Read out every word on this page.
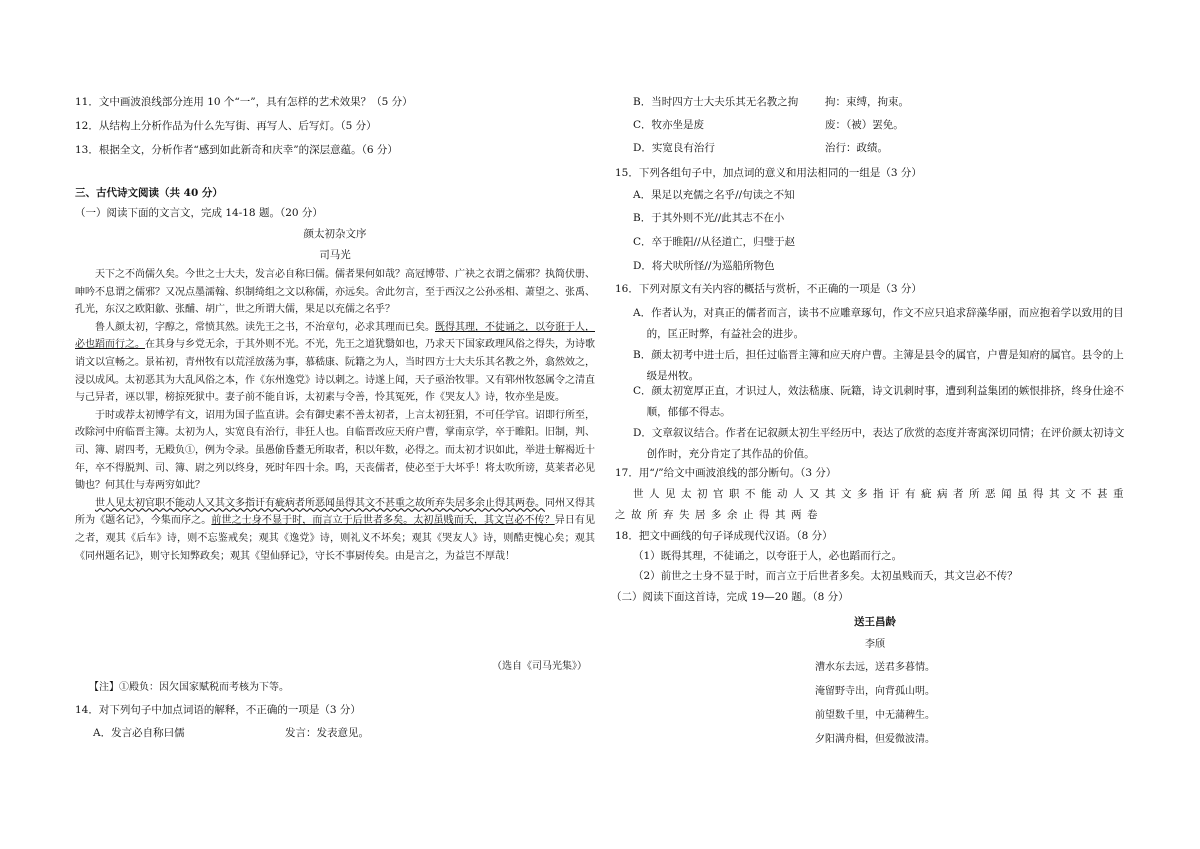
11．文中画波浪线部分连用 10 个“一”，具有怎样的艺术效果？（5 分）
12．从结构上分析作品为什么先写街、再写人、后写灯。（5 分）
13．根据全文，分析作者“感到如此新奇和庆幸”的深层意蕴。（6 分）
三、古代诗文阅读（共 40 分）
（一）阅读下面的文言文，完成 14-18 题。（20 分）
颜太初杂文序
司马光

天下之不尚儒久矣。今世之士大夫，发言必自称曰儒。儒者果何如哉？高冠博带、广袂之衣谓之儒邪？执简伏册、呻吟不息谓之儒邪？又况点墨濡翰、织制绮组之文以称儒，亦远矣。舍此勿言，至于西汉之公孙丞相、萧望之、张禹、孔光，东汉之欧阳歙、张酺、胡广，世之所谓大儒，果足以充儒之名乎？

鲁人颜太初，字醇之，常愤其然。读先王之书，不治章句，必求其理而已矣。既得其理，不徒诵之，以夸诳于人，必也蹈而行之。在其身与乡党无余，于其外则不光。不光，先王之道犹翳如也，乃求天下国家政理风俗之得失，为诗歌诮文以宣畅之。景祐初，青州牧有以荒淫放荡为事，慕嵇康、阮籍之为人，当时四方士大夫乐其名教之外，翕然效之，浸以成风。太初恶其为大乱风俗之本，作《东州逸党》诗以刺之。诗遂上闻，天子亟治牧罪。又有郓州牧怒属令之清直与己异者，诬以罪，榜掠死狱中。妻子前不能自诉，太初素与令善，怜其冤死，作《哭友人》诗，牧亦坐是废。

于时或荐太初博学有文，诏用为国子监直讲。会有御史素不善太初者，上言太初狂狷，不可任学官。诏即行所至，改除河中府临晋主簿。太初为人，实宽良有治行，非狂人也。自临晋改应天府户曹，掌南京学，卒于睢阳。旧制，判、司、簿、尉四考，无殿负①，例为令录。虽愚偷昏耋无所取者，积以年数，必得之。而太初才识如此，举进士解褐近十年，卒不得脱判、司、簿、尉之列以终身，死时年四十余。呜，天丧儒者，使必至于大坏乎！将太吹所谤，莫莱者必见锄也？何其仕与寿两穷如此？

世人见太初官职不能动人又其文多指讦有疵病者所恶闻虽得其文不甚重之故所弃失居多余止得其两卷。同州又得其所为《题名记》，今集而序之。前世之士身不显于时，而言立于后世者多矣。太初虽贱而夭，其文岂必不传？异日有见之者，观其《后车》诗，则不忘鉴戒矣；观其《逸党》诗，则礼义不坏矣；观其《哭友人》诗，则酷吏愧心矣；观其《同州题名记》，则守长知弊政矣；观其《望仙驿记》，守长不事厨传矣。由是言之，为益岂不厚哉！

（选自《司马光集》）
【注】①殿负：因欠国家赋税而考核为下等。
14．对下列句子中加点词语的解释，不正确的一项是（3 分）
A．发言必自称曰儒	发言：发表意见。
B．当时四方士大夫乐其无名教之拘	拘：束缚，拘束。
C．牧亦坐是废	废：（被）罢免。
D．实宽良有治行	治行：政绩。
15．下列各组句子中，加点词的意义和用法相同的一组是（3 分）
A．果足以充儒之名乎//句读之不知
B．于其外则不光//此其志不在小
C．卒于睢阳//从径道亡，归璧于赵
D．将犬吠所怪//为巡船所物色
16．下列对原文有关内容的概括与赏析，不正确的一项是（3 分）
A．作者认为，对真正的儒者而言，读书不应雕章琢句，作文不应只追求辞藻华丽，而应抱着学以致用的目的，匡正时弊，有益社会的进步。
B．颜太初考中进士后，担任过临晋主簿和应天府户曹。主簿是县令的属官，户曹是知府的属官。县令的上级是州牧。
C．颜太初宽厚正直，才识过人，效法嵇康、阮籍，诗文讥刺时事，遭到利益集团的嫉恨排挤，终身仕途不顺，郁郁不得志。
D．文章叙议结合。作者在记叙颜太初生平经历中，表达了欣赏的态度并寄寓深切同情；在评价颜太初诗文创作时，充分肯定了其作品的价值。
17．用“/”给文中画波浪线的部分断句。（3 分）
世人见太初官职不能动人又其文多指讦有疵病者所恶闻虽得其文不甚重
之故所弃失居多余止得其两卷
18．把文中画线的句子译成现代汉语。（8 分）
（1）既得其理，不徒诵之，以夸诳于人，必也蹈而行之。
（2）前世之士身不显于时，而言立于后世者多矣。太初虽贱而夭，其文岂必不传？
（二）阅读下面这首诗，完成 19—20 题。（8 分）
送王昌龄
李颀
漕水东去远，送君多暮情。
淹留野寺出，向背孤山明。
前望数千里，中无蒲稗生。
夕阳满舟楫，但爱微波清。
